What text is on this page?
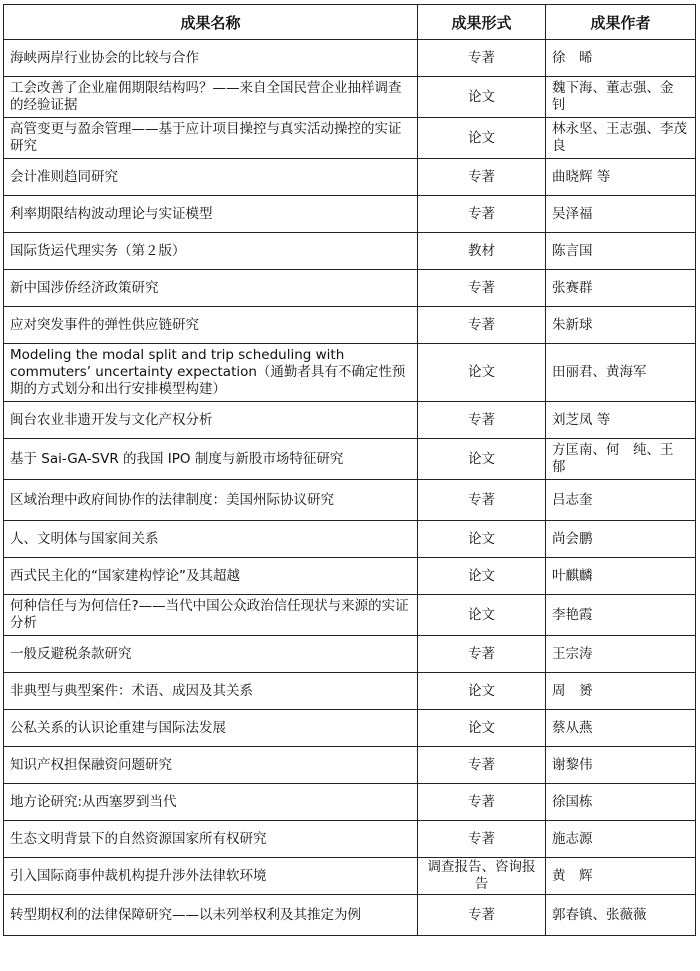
成果名称	成果形式	成果作者
海峡两岸行业协会的比较与合作	专著	徐　晞
工会改善了企业雇佣期限结构吗？——来自全国民营企业抽样调查的经验证据	论文	魏下海、董志强、金　钊
高管变更与盈余管理——基于应计项目操控与真实活动操控的实证研究	论文	林永坚、王志强、李茂良
会计准则趋同研究	专著	曲晓辉 等
利率期限结构波动理论与实证模型	专著	吴泽福
国际货运代理实务（第２版）	教材	陈言国
新中国涉侨经济政策研究	专著	张赛群
应对突发事件的弹性供应链研究	专著	朱新球
Modeling the modal split and trip scheduling with commuters’ uncertainty expectation（通勤者具有不确定性预期的方式划分和出行安排模型构建）	论文	田丽君、黄海军
闽台农业非遗开发与文化产权分析	专著	刘芝凤 等
基于 Sai-GA-SVR 的我国 IPO 制度与新股市场特征研究	论文	方匡南、何　纯、王　郁
区域治理中政府间协作的法律制度：美国州际协议研究	专著	吕志奎
人、文明体与国家间关系	论文	尚会鹏
西式民主化的“国家建构悖论”及其超越	论文	叶麒麟
何种信任与为何信任?——当代中国公众政治信任现状与来源的实证分析	论文	李艳霞
一般反避税条款研究	专著	王宗涛
非典型与典型案件：术语、成因及其关系	论文	周　赟
公私关系的认识论重建与国际法发展	论文	蔡从燕
知识产权担保融资问题研究	专著	谢黎伟
地方论研究:从西塞罗到当代	专著	徐国栋
生态文明背景下的自然资源国家所有权研究	专著	施志源
引入国际商事仲裁机构提升涉外法律软环境	调查报告、咨询报告	黄　辉
转型期权利的法律保障研究——以未列举权利及其推定为例	专著	郭春镇、张薇薇
